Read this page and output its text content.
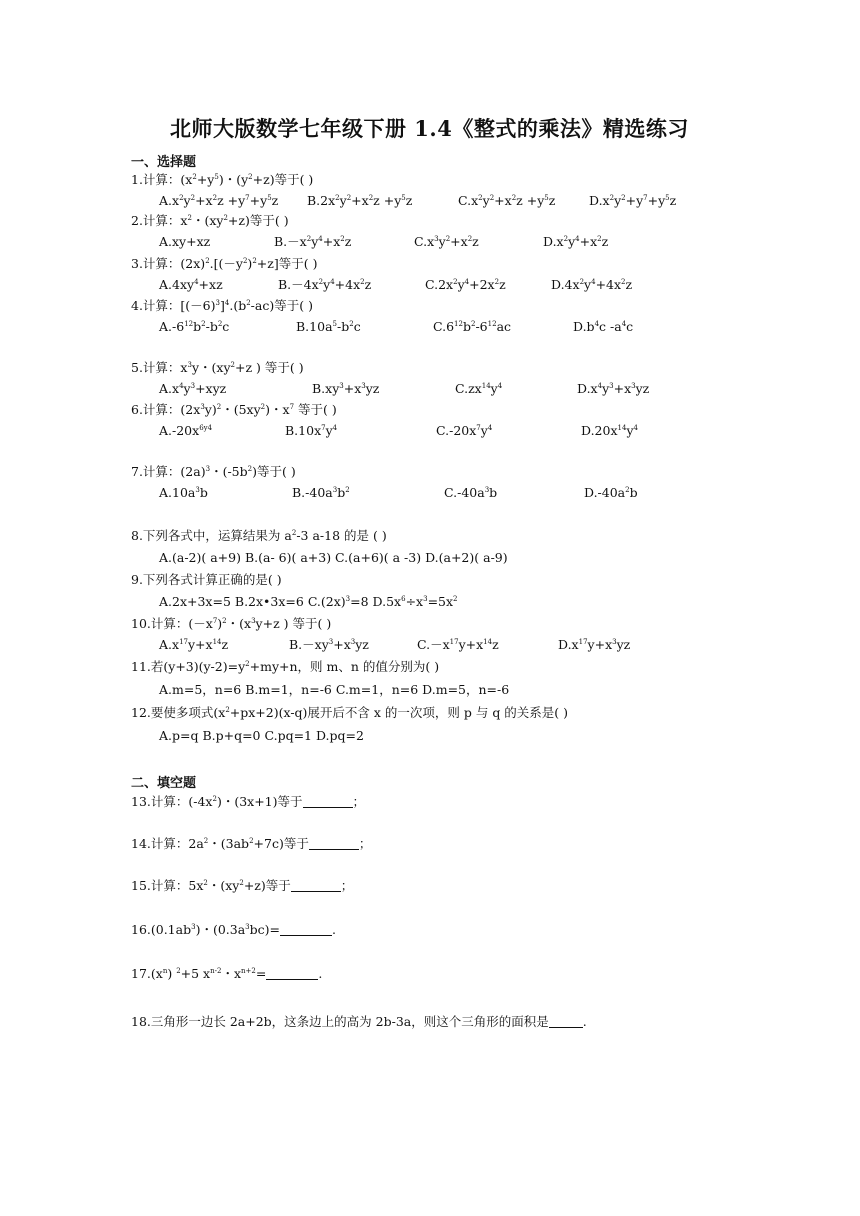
北师大版数学七年级下册 1.4《整式的乘法》精选练习
一、选择题
1.计算：$(x^2+y^5)$・$(y^2+z)$等于( )
$A.x^2y^2+x^2z +y^7+y^5z$ $B.2x^2y^2+x^2z +y^5z$	$C.x^2y^2+x^2z +y^5z$	$D.x^2y^2+y^7+y^5z$
2.计算：$x^2$・$(xy^2+z)$等于( )
A.xy+xz	$B.-x^2y^4+x^2z$	$C.x^3y^2+x^2z$	$D.x^2y^4+x^2z$
3.计算：$(2x)^2.[(-y^2)^2+z]$等于( )
$A.4xy^4+xz$	$B.-4x^2y^4+4x^2z$	$C.2x^2y^4+2x^2z$	$D.4x^2y^4+4x^2z$
4.计算：$[(-6)^3]^4.(b^2-ac)$等于( )
$A.-6^{12}b^2-b^2c$	$B.10a^5-b^2c$	$C.6^{12}b^2-6^{12}ac$	$D.b^4c$ $-a^4c$
5.计算：$x^3y$・($xy^2+z$ ) 等于( )
$A.x^4y^3+xyz$	$B.xy^3+x^3yz$	$C.zx^{14}y^4$	$D.x^4y^3+x^3yz$
6.计算：$(2x^3y)^2$・$(5xy^2)$・$x^7$ 等于( )
$A.-20x^{6y4}$	$B.10x^7y^4$	$C.-20x^7y^4$	$D.20x^{14}y^4$
7.计算：$(2a)^3$・$(-5b^2)$等于( )
$A.10a^3b$	$B.-40a^3b^2$	$C.-40a^3b$	$D.-40a^2b$
8.下列各式中，运算结果为 $a^2-3$ a-18 的是 ( )
A.(a-2)( a+9) B.(a- 6)( a+3) C.(a+6)( a -3) D.(a+2)( a-9)
9.下列各式计算正确的是( )
A.2x+3x=5 B.2x•3x=6 $C.(2x)^3=8$ $D.5x^6\div x^3=5x^2$
10.计算：$(-x^7)^2$・($x^3y+z$ ) 等于( )
$A.x^{17}y+x^{14}z$	$B.-xy^3+x^3yz$	$C.-x^{17}y+x^{14}z$	$D.x^{17}y+x^3yz$
11.若$(y+3)(y-2)=y^2+my+n$，则 m、n 的值分别为( )
A.m=5，n=6 B.m=1，n=-6 C.m=1，n=6 D.m=5，n=-6
12.要使多项式$(x^2+px+2)(x-q)$展开后不含 x 的一次项，则 p 与 q 的关系是( )
A.p=q B.p+q=0 C.pq=1 D.pq=2
二、填空题
13.计算：$(-4x^2)$・(3x+1)等于	；
14.计算：$2a^2$・$(3ab^2+7c)$等于	；
15.计算：$5x^2$・$(xy^2+z)$等于	；
$16.(0.1ab^3)$・$(0.3a^3bc)=$	.
$17.(x^n)$ $^2$+5 $x^{n-2}$・$x^{n+2}=$	.
18.三角形一边长 2a+2b，这条边上的高为 2b-3a，则这个三角形的面积是	.
